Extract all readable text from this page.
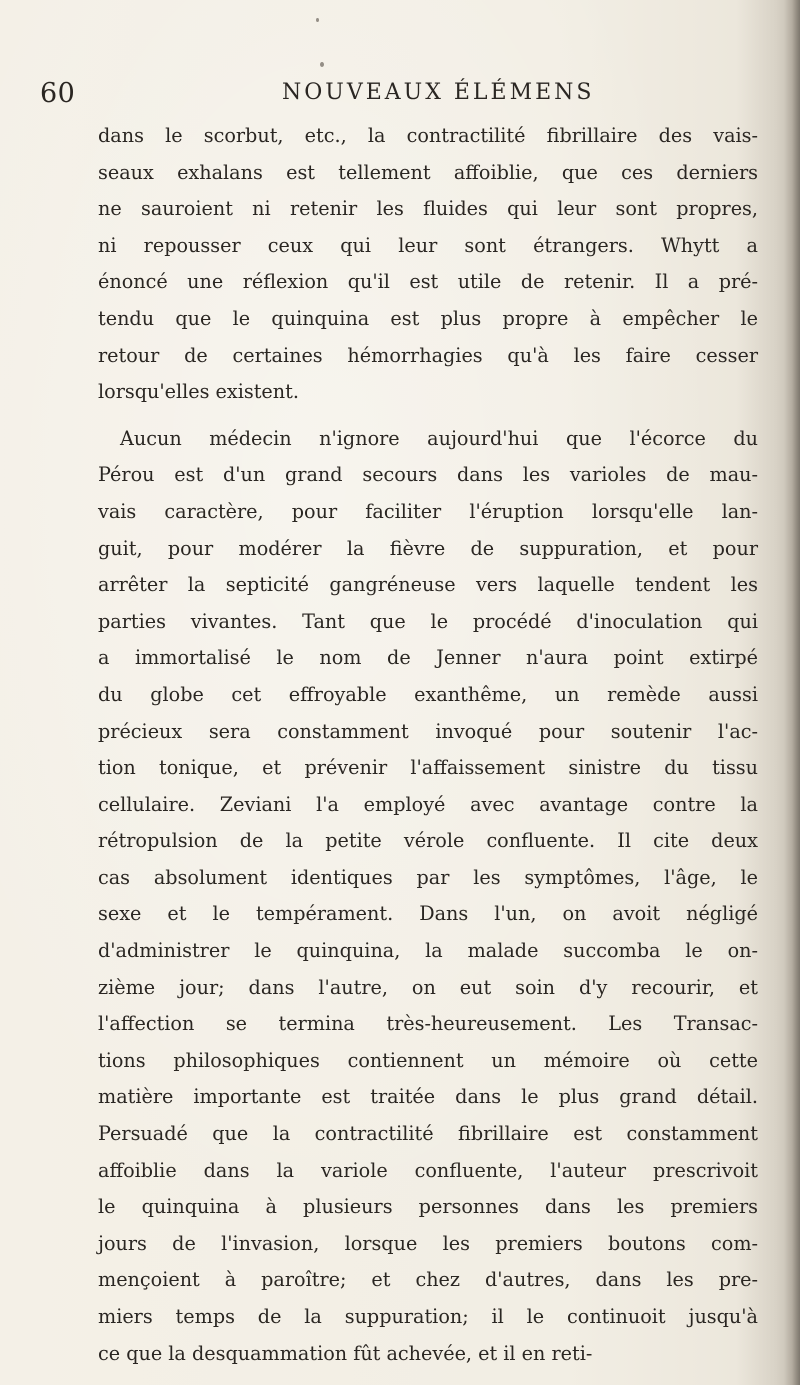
60	NOUVEAUX ÉLÉMENS

dans le scorbut, etc., la contractilité fibrillaire des vais-
seaux exhalans est tellement affoiblie, que ces derniers
ne sauroient ni retenir les fluides qui leur sont propres,
ni repousser ceux qui leur sont étrangers. Whytt a
énoncé une réflexion qu'il est utile de retenir. Il a pré-
tendu que le quinquina est plus propre à empêcher le
retour de certaines hémorrhagies qu'à les faire cesser
lorsqu'elles existent.

Aucun médecin n'ignore aujourd'hui que l'écorce du
Pérou est d'un grand secours dans les varioles de mau-
vais caractère, pour faciliter l'éruption lorsqu'elle lan-
guit, pour modérer la fièvre de suppuration, et pour
arrêter la septicité gangréneuse vers laquelle tendent les
parties vivantes. Tant que le procédé d'inoculation qui
a immortalisé le nom de Jenner n'aura point extirpé
du globe cet effroyable exanthême, un remède aussi
précieux sera constamment invoqué pour soutenir l'ac-
tion tonique, et prévenir l'affaissement sinistre du tissu
cellulaire. Zeviani l'a employé avec avantage contre la
rétropulsion de la petite vérole confluente. Il cite deux
cas absolument identiques par les symptômes, l'âge, le
sexe et le tempérament. Dans l'un, on avoit négligé
d'administrer le quinquina, la malade succomba le on-
zième jour; dans l'autre, on eut soin d'y recourir, et
l'affection se termina très-heureusement. Les Transac-
tions philosophiques contiennent un mémoire où cette
matière importante est traitée dans le plus grand détail.
Persuadé que la contractilité fibrillaire est constamment
affoiblie dans la variole confluente, l'auteur prescrivoit
le quinquina à plusieurs personnes dans les premiers
jours de l'invasion, lorsque les premiers boutons com-
mençoient à paroître; et chez d'autres, dans les pre-
miers temps de la suppuration; il le continuoit jusqu'à
ce que la desquammation fût achevée, et il en reti-
